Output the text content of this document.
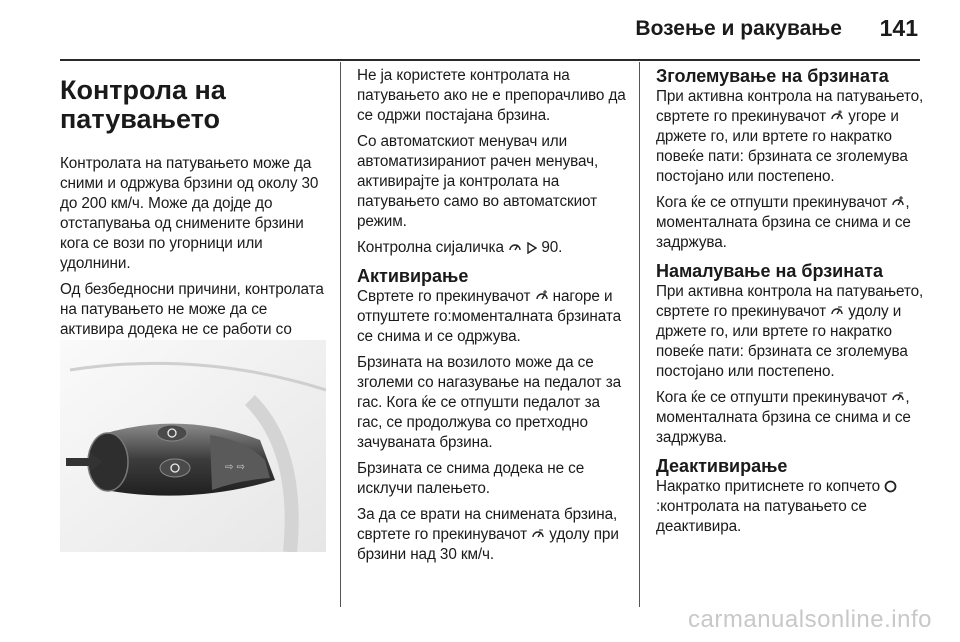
Возење и ракување 141
Контрола на
патувањето

Контролата на патувањето може да сними и одржува брзини од околу 30 до 200 км/ч. Може да дојде до отстапувања од снимените брзини кога се вози по угорници или удолнини.

Од безбедносни причини, контролата на патувањето не може да се активира додека не се работи со

⇨ ⇨

Не ја користете контролата на патувањето ако не е препорачливо да се одржи постајана брзина.

Со автоматскиот менувач или автоматизираниот рачен менувач, активирајте ја контролата на патувањето само во автоматскиот режим.

Контролна сијаличка   90.

Активирање

Свртете го прекинувачот  нагоре и отпуштете го:моменталната брзината се снима и се одржува.

Брзината на возилото може да се зголеми со нагазување на педалот за гас. Кога ќе се отпушти педалот за гас, се продолжува со претходно зачуваната брзина.

Брзината се снима додека не се исклучи палењето.

За да се врати на снимената брзина, свртете го прекинувачот  удолу при брзини над 30 км/ч.

Зголемување на брзината

При активна контрола на патувањето, свртете го прекинувачот  угоре и држете го, или вртете го накратко повеќе пати: брзината се зголемува постојано или постепено.

Кога ќе се отпушти прекинувачот , моменталната брзина се снима и се задржува.

Намалување на брзината

При активна контрола на патувањето, свртете го прекинувачот  удолу и држете го, или вртете го накратко повеќе пати: брзината се зголемува постојано или постепено.

Кога ќе се отпушти прекинувачот , моменталната брзина се снима и се задржува.

Деактивирање

Накратко притиснете го копчето :контролата на патувањето се деактивира.

carmanualsonline.info
